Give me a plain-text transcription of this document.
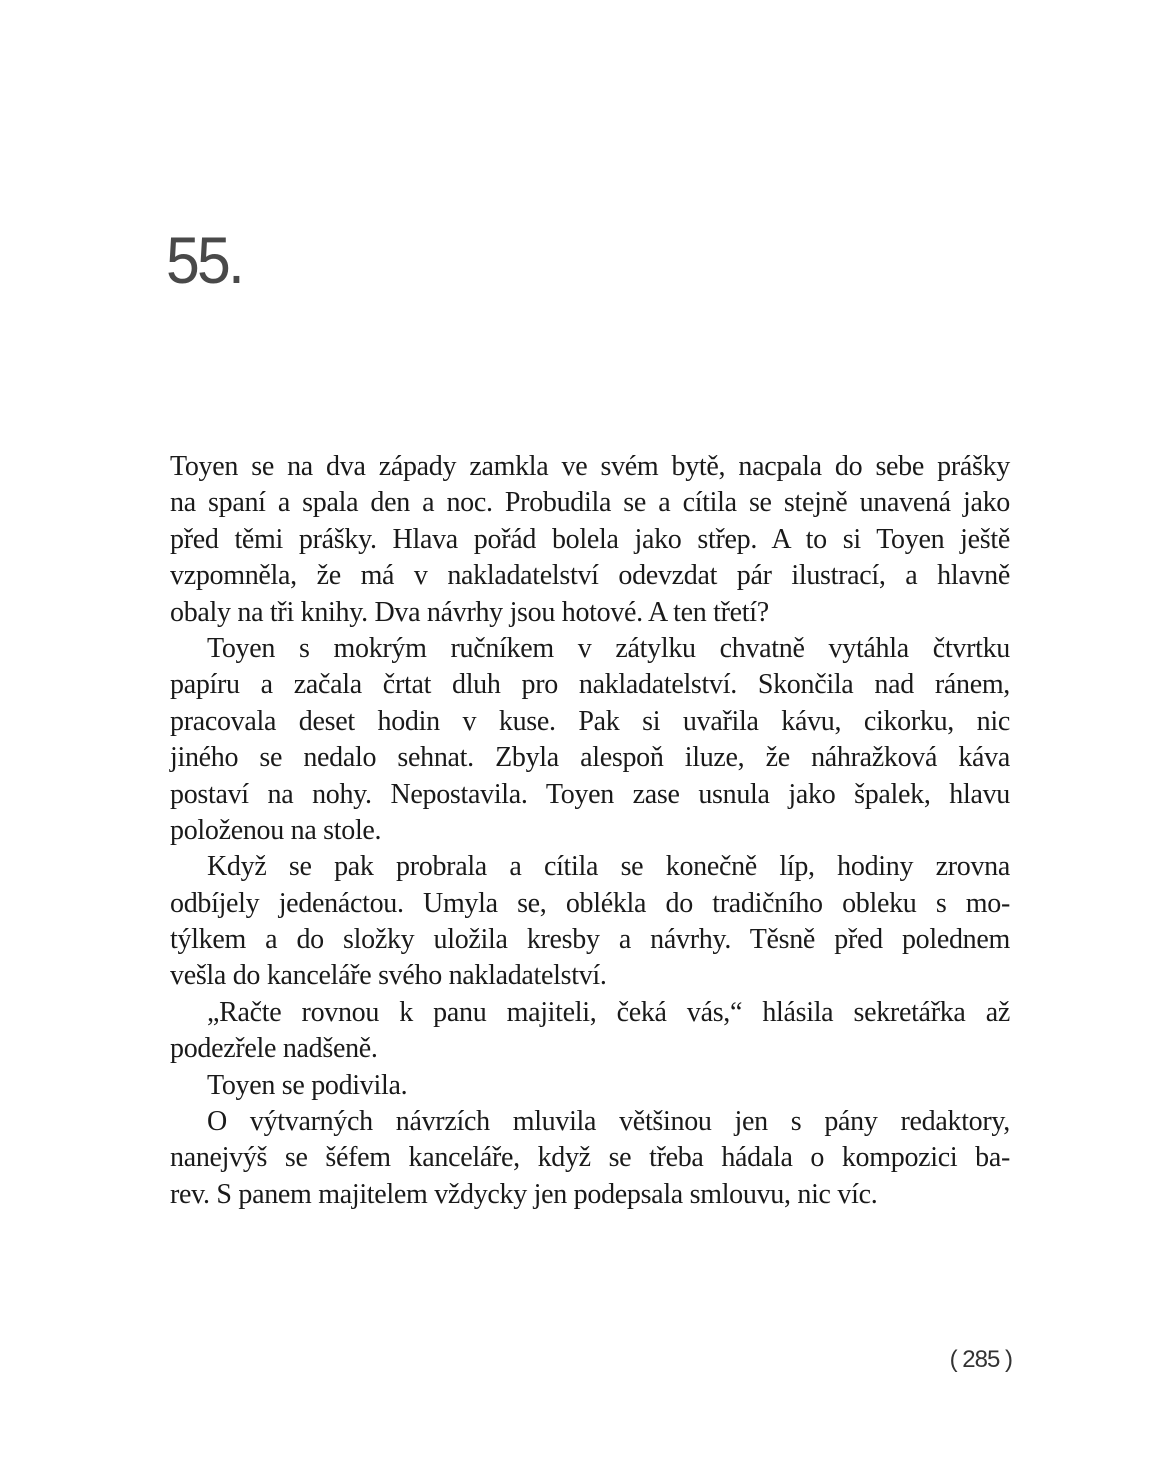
55.
Toyen se na dva západy zamkla ve svém bytě, nacpala do sebe prášky
na spaní a spala den a noc. Probudila se a cítila se stejně unavená jako
před těmi prášky. Hlava pořád bolela jako střep. A to si Toyen ještě
vzpomněla, že má v nakladatelství odevzdat pár ilustrací, a hlavně
obaly na tři knihy. Dva návrhy jsou hotové. A ten třetí?
Toyen s mokrým ručníkem v zátylku chvatně vytáhla čtvrtku
papíru a začala črtat dluh pro nakladatelství. Skončila nad ránem,
pracovala deset hodin v kuse. Pak si uvařila kávu, cikorku, nic
jiného se nedalo sehnat. Zbyla alespoň iluze, že náhražková káva
postaví na nohy. Nepostavila. Toyen zase usnula jako špalek, hlavu
položenou na stole.
Když se pak probrala a cítila se konečně líp, hodiny zrovna
odbíjely jedenáctou. Umyla se, oblékla do tradičního obleku s mo-
týlkem a do složky uložila kresby a návrhy. Těsně před polednem
vešla do kanceláře svého nakladatelství.
„Račte rovnou k panu majiteli, čeká vás,“ hlásila sekretářka až
podezřele nadšeně.
Toyen se podivila.
O výtvarných návrzích mluvila většinou jen s pány redaktory,
nanejvýš se šéfem kanceláře, když se třeba hádala o kompozici ba-
rev. S panem majitelem vždycky jen podepsala smlouvu, nic víc.
( 285 )
